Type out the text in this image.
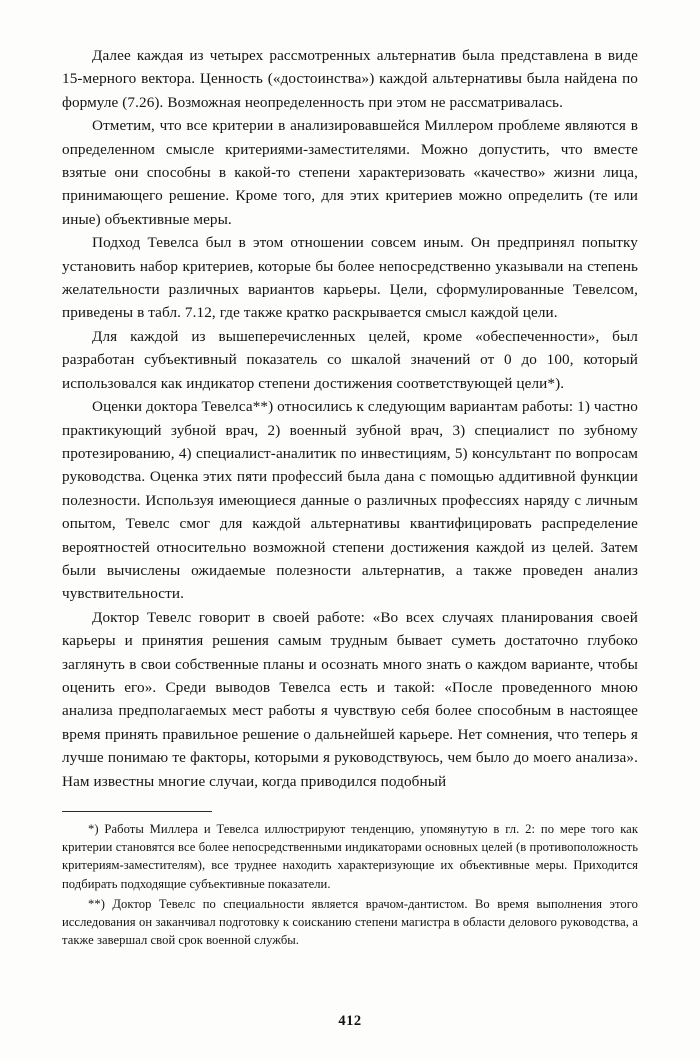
Далее каждая из четырех рассмотренных альтернатив была представлена в виде 15-мерного вектора. Ценность («достоинства») каждой альтернативы была найдена по формуле (7.26). Возможная неопределенность при этом не рассматривалась.

Отметим, что все критерии в анализировавшейся Миллером проблеме являются в определенном смысле критериями-заместителями. Можно допустить, что вместе взятые они способны в какой-то степени характеризовать «качество» жизни лица, принимающего решение. Кроме того, для этих критериев можно определить (те или иные) объективные меры.

Подход Тевелса был в этом отношении совсем иным. Он предпринял попытку установить набор критериев, которые бы более непосредственно указывали на степень желательности различных вариантов карьеры. Цели, сформулированные Тевелсом, приведены в табл. 7.12, где также кратко раскрывается смысл каждой цели.

Для каждой из вышеперечисленных целей, кроме «обеспеченности», был разработан субъективный показатель со шкалой значений от 0 до 100, который использовался как индикатор степени достижения соответствующей цели*).

Оценки доктора Тевелса**) относились к следующим вариантам работы: 1) частно практикующий зубной врач, 2) военный зубной врач, 3) специалист по зубному протезированию, 4) специалист-аналитик по инвестициям, 5) консультант по вопросам руководства. Оценка этих пяти профессий была дана с помощью аддитивной функции полезности. Используя имеющиеся данные о различных профессиях наряду с личным опытом, Тевелс смог для каждой альтернативы квантифицировать распределение вероятностей относительно возможной степени достижения каждой из целей. Затем были вычислены ожидаемые полезности альтернатив, а также проведен анализ чувствительности.

Доктор Тевелс говорит в своей работе: «Во всех случаях планирования своей карьеры и принятия решения самым трудным бывает суметь достаточно глубоко заглянуть в свои собственные планы и осознать много знать о каждом варианте, чтобы оценить его». Среди выводов Тевелса есть и такой: «После проведенного мною анализа предполагаемых мест работы я чувствую себя более способным в настоящее время принять правильное решение о дальнейшей карьере. Нет сомнения, что теперь я лучше понимаю те факторы, которыми я руководствуюсь, чем было до моего анализа». Нам известны многие случаи, когда приводился подобный

*) Работы Миллера и Тевелса иллюстрируют тенденцию, упомянутую в гл. 2: по мере того как критерии становятся все более непосредственными индикаторами основных целей (в противоположность критериям-заместителям), все труднее находить характеризующие их объективные меры. Приходится подбирать подходящие субъективные показатели.

**) Доктор Тевелс по специальности является врачом-дантистом. Во время выполнения этого исследования он заканчивал подготовку к соисканию степени магистра в области делового руководства, а также завершал свой срок военной службы.

412
